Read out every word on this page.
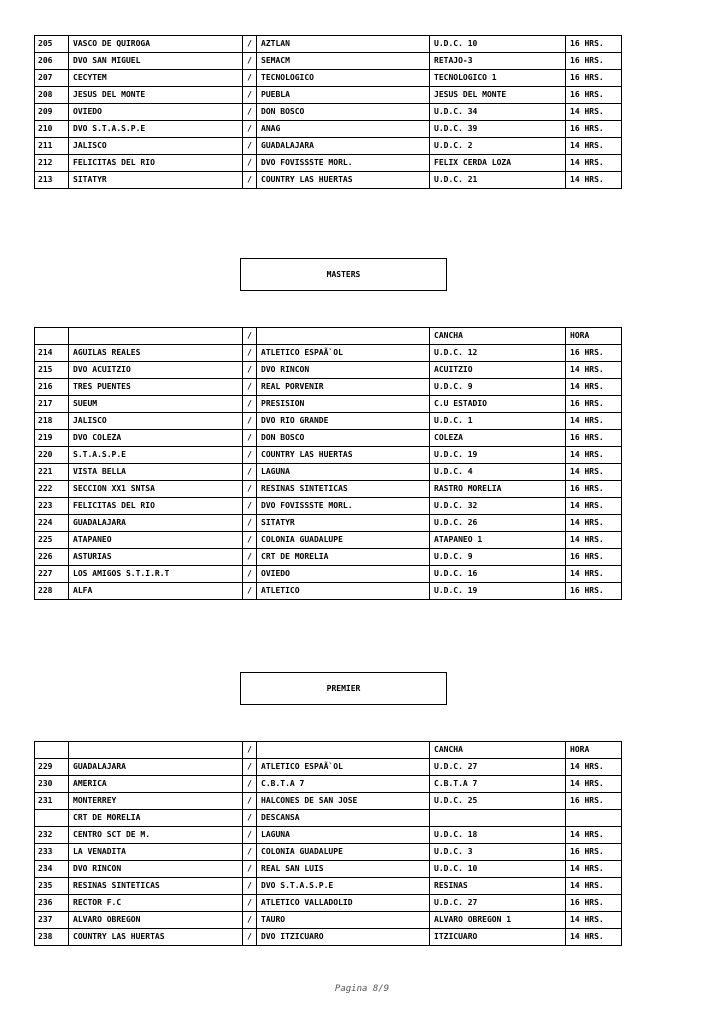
205	VASCO DE QUIROGA	/	AZTLAN	U.D.C. 10	16 HRS.
206	DVO SAN MIGUEL	/	SEMACM	RETAJO-3	16 HRS.
207	CECYTEM	/	TECNOLOGICO	TECNOLOGICO 1	16 HRS.
208	JESUS DEL MONTE	/	PUEBLA	JESUS DEL MONTE	16 HRS.
209	OVIEDO	/	DON BOSCO	U.D.C. 34	14 HRS.
210	DVO S.T.A.S.P.E	/	ANAG	U.D.C. 39	16 HRS.
211	JALISCO	/	GUADALAJARA	U.D.C. 2	14 HRS.
212	FELICITAS DEL RIO	/	DVO FOVISSSTE MORL.	FELIX CERDA LOZA	14 HRS.
213	SITATYR	/	COUNTRY LAS HUERTAS	U.D.C. 21	14 HRS.
MASTERS
		/		CANCHA	HORA
214	AGUILAS REALES	/	ATLETICO ESPAÃ`OL	U.D.C. 12	16 HRS.
215	DVO ACUITZIO	/	DVO RINCON	ACUITZIO	14 HRS.
216	TRES PUENTES	/	REAL PORVENIR	U.D.C. 9	14 HRS.
217	SUEUM	/	PRESISION	C.U ESTADIO	16 HRS.
218	JALISCO	/	DVO RIO GRANDE	U.D.C. 1	14 HRS.
219	DVO COLEZA	/	DON BOSCO	COLEZA	16 HRS.
220	S.T.A.S.P.E	/	COUNTRY LAS HUERTAS	U.D.C. 19	14 HRS.
221	VISTA BELLA	/	LAGUNA	U.D.C. 4	14 HRS.
222	SECCION XX1 SNTSA	/	RESINAS SINTETICAS	RASTRO MORELIA	16 HRS.
223	FELICITAS DEL RIO	/	DVO FOVISSSTE MORL.	U.D.C. 32	14 HRS.
224	GUADALAJARA	/	SITATYR	U.D.C. 26	14 HRS.
225	ATAPANEO	/	COLONIA GUADALUPE	ATAPANEO 1	14 HRS.
226	ASTURIAS	/	CRT DE MORELIA	U.D.C. 9	16 HRS.
227	LOS AMIGOS S.T.I.R.T	/	OVIEDO	U.D.C. 16	14 HRS.
228	ALFA	/	ATLETICO	U.D.C. 19	16 HRS.
PREMIER
		/		CANCHA	HORA
229	GUADALAJARA	/	ATLETICO ESPAÃ`OL	U.D.C. 27	14 HRS.
230	AMERICA	/	C.B.T.A 7	C.B.T.A 7	14 HRS.
231	MONTERREY	/	HALCONES DE SAN JOSE	U.D.C. 25	16 HRS.
	CRT DE MORELIA	/	DESCANSA		
232	CENTRO SCT DE M.	/	LAGUNA	U.D.C. 18	14 HRS.
233	LA VENADITA	/	COLONIA GUADALUPE	U.D.C. 3	16 HRS.
234	DVO RINCON	/	REAL SAN LUIS	U.D.C. 10	14 HRS.
235	RESINAS SINTETICAS	/	DVO S.T.A.S.P.E	RESINAS	14 HRS.
236	RECTOR F.C	/	ATLETICO VALLADOLID	U.D.C. 27	16 HRS.
237	ALVARO OBREGON	/	TAURO	ALVARO OBREGON 1	14 HRS.
238	COUNTRY LAS HUERTAS	/	DVO ITZICUARO	ITZICUARO	14 HRS.
Pagina 8/9
